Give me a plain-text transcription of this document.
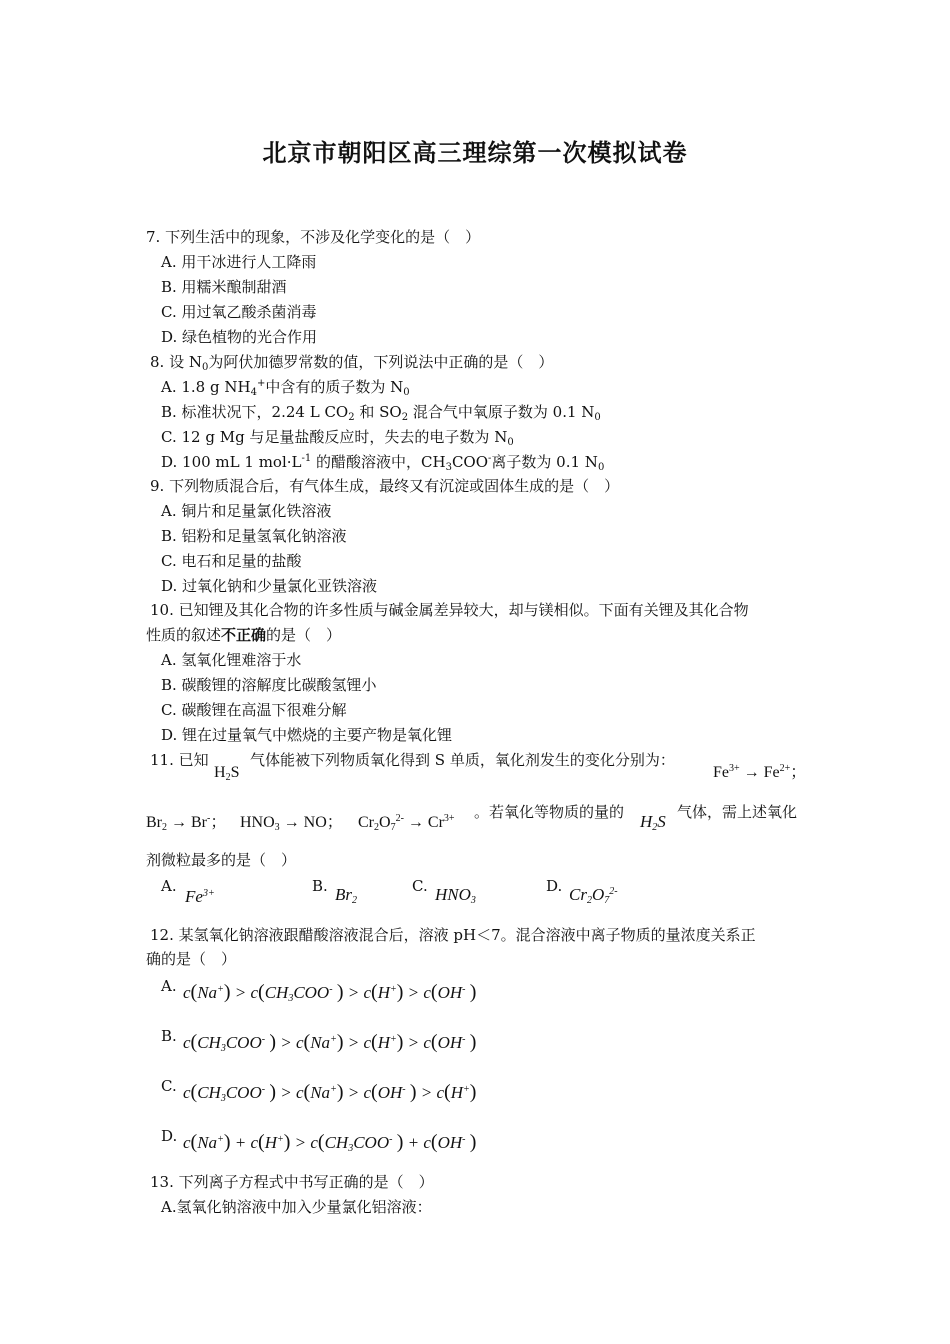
北京市朝阳区高三理综第一次模拟试卷
7. 下列生活中的现象，不涉及化学变化的是（　）
A. 用干冰进行人工降雨
B. 用糯米酿制甜酒
C. 用过氧乙酸杀菌消毒
D. 绿色植物的光合作用
8. 设 $N_0$为阿伏加德罗常数的值，下列说法中正确的是（　）
A. 1.8 g $NH_4^+$中含有的质子数为 $N_0$
B. 标准状况下，2.24 L $CO_2$ 和 $SO_2$ 混合气中氧原子数为 0.1 $N_0$
C. 12 g Mg 与足量盐酸反应时，失去的电子数为 $N_0$
D. 100 mL 1 $mol\cdot L^{-1}$ 的醋酸溶液中，$CH_3COO^-$离子数为 0.1 $N_0$
9. 下列物质混合后，有气体生成，最终又有沉淀或固体生成的是（　）
A. 铜片和足量氯化铁溶液
B. 铝粉和足量氢氧化钠溶液
C. 电石和足量的盐酸
D. 过氧化钠和少量氯化亚铁溶液
10. 已知锂及其化合物的许多性质与碱金属差异较大，却与镁相似。下面有关锂及其化合物
性质的叙述不正确的是（　）
A. 氢氧化锂难溶于水
B. 碳酸锂的溶解度比碳酸氢锂小
C. 碳酸锂在高温下很难分解
D. 锂在过量氧气中燃烧的主要产物是氧化锂
11. 已知
$H_2S$
气体能被下列物质氧化得到 S 单质，氧化剂发生的变化分别为：
$Fe^{3+} \to Fe^{2+}$；
$Br_2 \to Br^-$； $HNO_3$ → NO； $Cr_2O_7^{2-} \to Cr^{3+}$ 。若氧化等物质的量的 $H_2S$ 气体，需上述氧化
剂微粒最多的是（　）
A.
$Fe^{3+}$	B. $Br_2$
C. $HNO_3$
D. $Cr_2O_7^{2-}$
12. 某氢氧化钠溶液跟醋酸溶液混合后，溶液 pH＜7。混合溶液中离子物质的量浓度关系正
确的是（　）
A. $c(Na^+) > c(CH_3COO^-$ ) > c(H+) > c(OH- )
B. $c(CH_3COO^-$ ) > c(Na+) > c(H+) > c(OH- )
C. $c(CH_3COO^-$ ) > c(Na+) > c(OH- ) > c(H+)
D. $c(Na^+) + c(H^+) > c(CH_3COO^-$ ) + c(OH- )
13. 下列离子方程式中书写正确的是（　）
A.氢氧化钠溶液中加入少量氯化铝溶液：
